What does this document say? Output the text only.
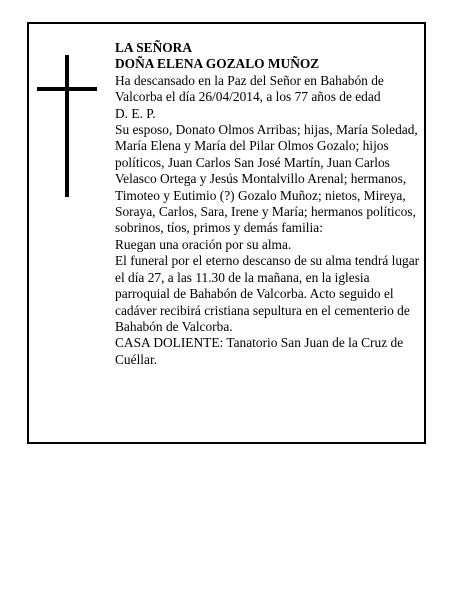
LA SEÑORA

DOÑA ELENA GOZALO MUÑOZ

Ha descansado en la Paz del Señor en Bahabón de Valcorba el día 26/04/2014, a los 77 años de edad

D. E. P.

Su esposo, Donato Olmos Arribas; hijas, María Soledad, María Elena y María del Pilar Olmos Gozalo; hijos políticos, Juan Carlos San José Martín, Juan Carlos Velasco Ortega y Jesús Montalvillo Arenal; hermanos, Timoteo y Eutimio (?) Gozalo Muñoz; nietos, Mireya, Soraya, Carlos, Sara, Irene y María; hermanos políticos, sobrinos, tíos, primos y demás familia:

Ruegan una oración por su alma.

El funeral por el eterno descanso de su alma tendrá lugar el día 27, a las 11.30 de la mañana, en la iglesia parroquial de Bahabón de Valcorba. Acto seguido el cadáver recibirá cristiana sepultura en el cementerio de Bahabón de Valcorba.

CASA DOLIENTE: Tanatorio San Juan de la Cruz de Cuéllar.
